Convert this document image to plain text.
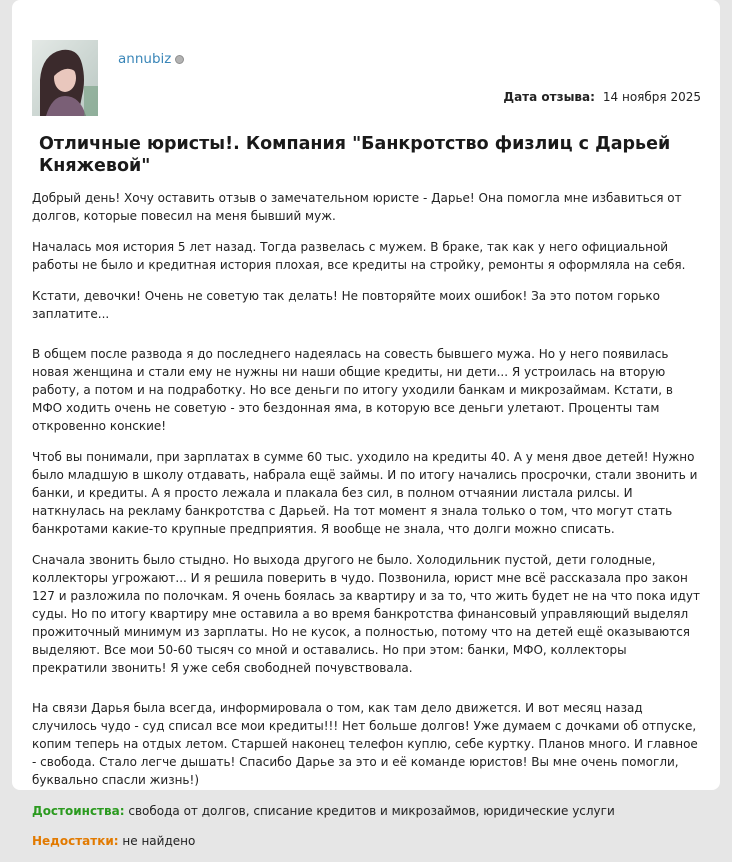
annubiz
Дата отзыва: 14 ноября 2025
Отличные юристы!. Компания "Банкротство физлиц с Дарьей Княжевой"

Добрый день! Хочу оставить отзыв о замечательном юристе - Дарье! Она помогла мне избавиться от долгов, которые повесил на меня бывший муж.

Началась моя история 5 лет назад. Тогда развелась с мужем. В браке, так как у него официальной работы не было и кредитная история плохая, все кредиты на стройку, ремонты я оформляла на себя.

Кстати, девочки! Очень не советую так делать! Не повторяйте моих ошибок! За это потом горько заплатите...

В общем после развода я до последнего надеялась на совесть бывшего мужа. Но у него появилась новая женщина и стали ему не нужны ни наши общие кредиты, ни дети... Я устроилась на вторую работу, а потом и на подработку. Но все деньги по итогу уходили банкам и микрозаймам. Кстати, в МФО ходить очень не советую - это бездонная яма, в которую все деньги улетают. Проценты там откровенно конские!

Чтоб вы понимали, при зарплатах в сумме 60 тыс. уходило на кредиты 40. А у меня двое детей! Нужно было младшую в школу отдавать, набрала ещё займы. И по итогу начались просрочки, стали звонить и банки, и кредиты. А я просто лежала и плакала без сил, в полном отчаянии листала рилсы. И наткнулась на рекламу банкротства с Дарьей. На тот момент я знала только о том, что могут стать банкротами какие-то крупные предприятия. Я вообще не знала, что долги можно списать.

Сначала звонить было стыдно. Но выхода другого не было. Холодильник пустой, дети голодные, коллекторы угрожают... И я решила поверить в чудо. Позвонила, юрист мне всё рассказала про закон 127 и разложила по полочкам. Я очень боялась за квартиру и за то, что жить будет не на что пока идут суды. Но по итогу квартиру мне оставила а во время банкротства финансовый управляющий выделял прожиточный минимум из зарплаты. Но не кусок, а полностью, потому что на детей ещё оказываются выделяют. Все мои 50-60 тысяч со мной и оставались. Но при этом: банки, МФО, коллекторы прекратили звонить! Я уже себя свободней почувствовала.

На связи Дарья была всегда, информировала о том, как там дело движется. И вот месяц назад случилось чудо - суд списал все мои кредиты!!! Нет больше долгов! Уже думаем с дочками об отпуске, копим теперь на отдых летом. Старшей наконец телефон куплю, себе куртку. Планов много. И главное - свобода. Стало легче дышать! Спасибо Дарье за это и её команде юристов! Вы мне очень помогли, буквально спасли жизнь!)

Достоинства: свобода от долгов, списание кредитов и микрозаймов, юридические услуги

Недостатки: не найдено
